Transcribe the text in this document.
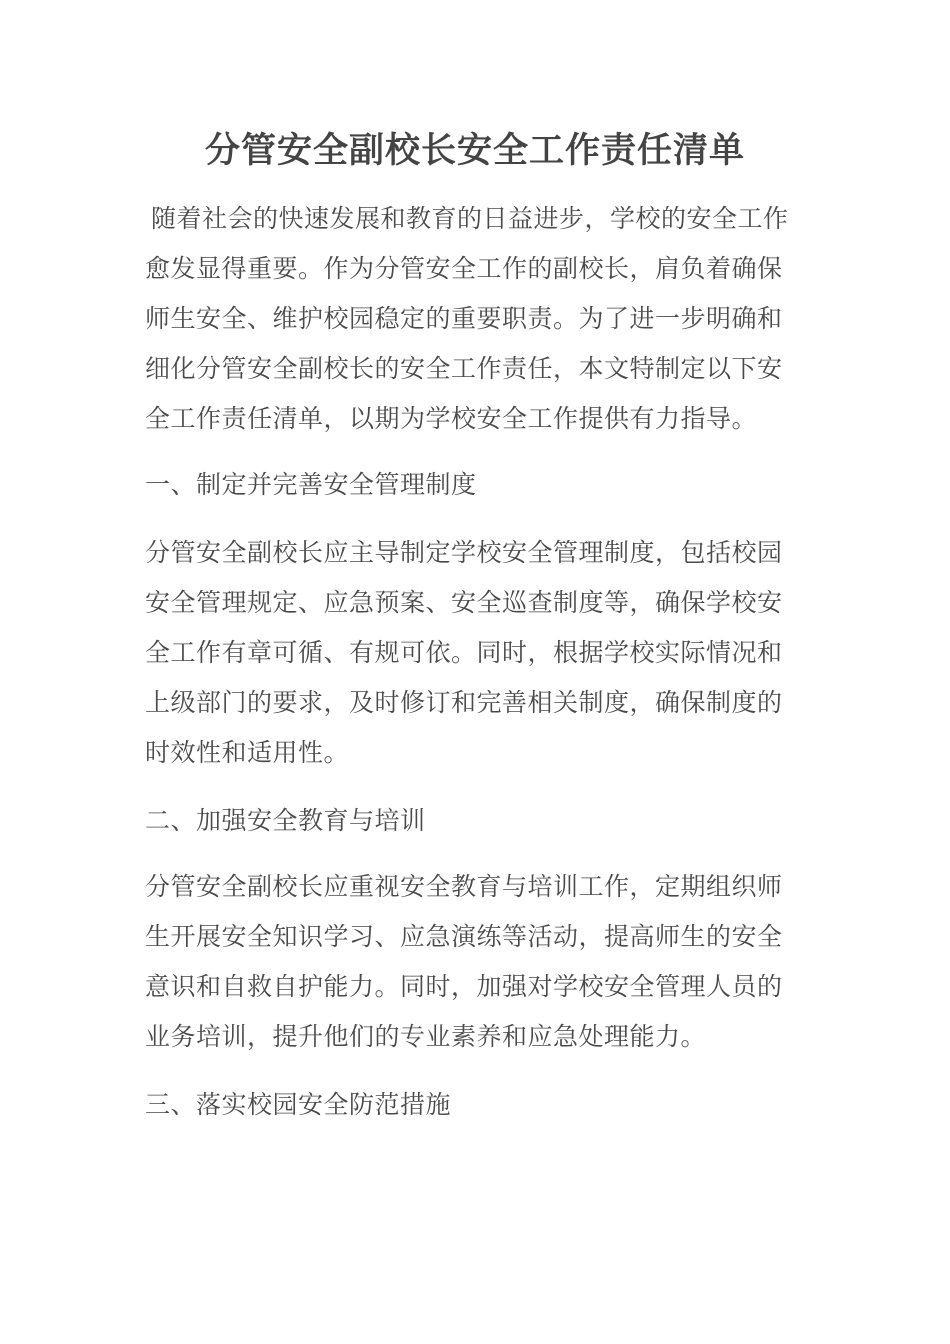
分管安全副校长安全工作责任清单

随着社会的快速发展和教育的日益进步，学校的安全工作愈发显得重要。作为分管安全工作的副校长，肩负着确保师生安全、维护校园稳定的重要职责。为了进一步明确和细化分管安全副校长的安全工作责任，本文特制定以下安全工作责任清单，以期为学校安全工作提供有力指导。

一、制定并完善安全管理制度

分管安全副校长应主导制定学校安全管理制度，包括校园安全管理规定、应急预案、安全巡查制度等，确保学校安全工作有章可循、有规可依。同时，根据学校实际情况和上级部门的要求，及时修订和完善相关制度，确保制度的时效性和适用性。

二、加强安全教育与培训

分管安全副校长应重视安全教育与培训工作，定期组织师生开展安全知识学习、应急演练等活动，提高师生的安全意识和自救自护能力。同时，加强对学校安全管理人员的业务培训，提升他们的专业素养和应急处理能力。

三、落实校园安全防范措施
